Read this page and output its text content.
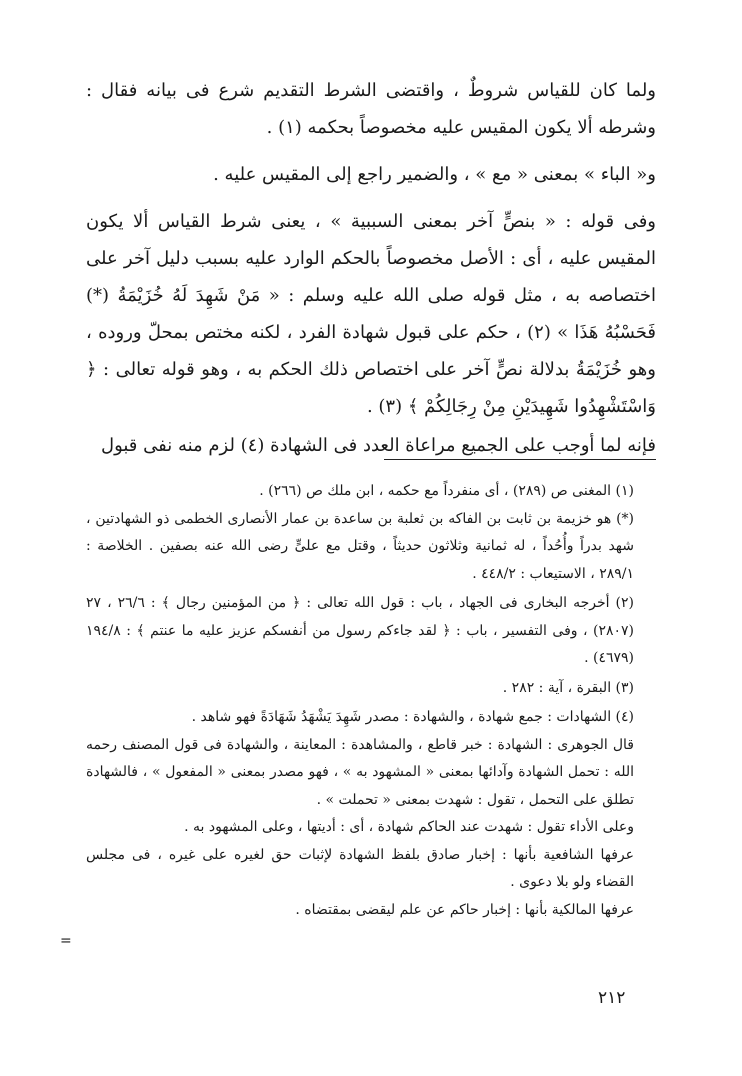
ولما كان للقياس شروطٌ ، واقتضى الشرط التقديم شرع فى بيانه فقال : وشرطه ألا يكون المقيس عليه مخصوصاً بحكمه (١) .

و« الباء » بمعنى « مع » ، والضمير راجع إلى المقيس عليه .

وفى قوله : « بنصٍّ آخر بمعنى السببية » ، يعنى شرط القياس ألا يكون المقيس عليه ، أى : الأصل مخصوصاً بالحكم الوارد عليه بسبب دليل آخر على اختصاصه به ، مثل قوله صلى الله عليه وسلم : « مَنْ شَهِدَ لَهُ خُزَيْمَةُ (*) فَحَسْبُهُ هَذَا » (٢) ، حكم على قبول شهادة الفرد ، لكنه مختص بمحلّ وروده ، وهو خُزَيْمَةُ بدلالة نصٍّ آخر على اختصاص ذلك الحكم به ، وهو قوله تعالى : ﴿ وَاسْتَشْهِدُوا شَهِيدَيْنِ مِنْ رِجَالِكُمْ ﴾ (٣) .

فإنه لما أوجب على الجميع مراعاة العدد فى الشهادة (٤) لزم منه نفى قبول

(١) المغنى ص (٢٨٩) ، أى منفرداً مع حكمه ، ابن ملك ص (٢٦٦) .

(*) هو خزيمة بن ثابت بن الفاكه بن ثعلبة بن ساعدة بن عمار الأنصارى الخطمى ذو الشهادتين ، شهد بدراً وأُحُداً ، له ثمانية وثلاثون حديثاً ، وقتل مع علىٍّ رضى الله عنه بصفين . الخلاصة : ٢٨٩/١ ، الاستيعاب : ٤٤٨/٢ .

(٢) أخرجه البخارى فى الجهاد ، باب : قول الله تعالى : ﴿ من المؤمنين رجال ﴾ : ٢٦/٦ ، ٢٧ (٢٨٠٧) ، وفى التفسير ، باب : ﴿ لقد جاءكم رسول من أنفسكم عزيز عليه ما عنتم ﴾ : ١٩٤/٨ (٤٦٧٩) .

(٣) البقرة ، آية : ٢٨٢ .

(٤) الشهادات : جمع شهادة ، والشهادة : مصدر شَهِدَ يَشْهَدُ شَهَادَةً فهو شاهد .

قال الجوهرى : الشهادة : خبر قاطع ، والمشاهدة : المعاينة ، والشهادة فى قول المصنف رحمه الله : تحمل الشهادة وآدائها بمعنى « المشهود به » ، فهو مصدر بمعنى « المفعول » ، فالشهادة تطلق على التحمل ، تقول : شهدت بمعنى « تحملت » .

وعلى الأداء تقول : شهدت عند الحاكم شهادة ، أى : أديتها ، وعلى المشهود به .

عرفها الشافعية بأنها : إخبار صادق بلفظ الشهادة لإثبات حق لغيره على غيره ، فى مجلس القضاء ولو بلا دعوى .

عرفها المالكية بأنها : إخبار حاكم عن علم ليقضى بمقتضاه .

=
٢١٢
